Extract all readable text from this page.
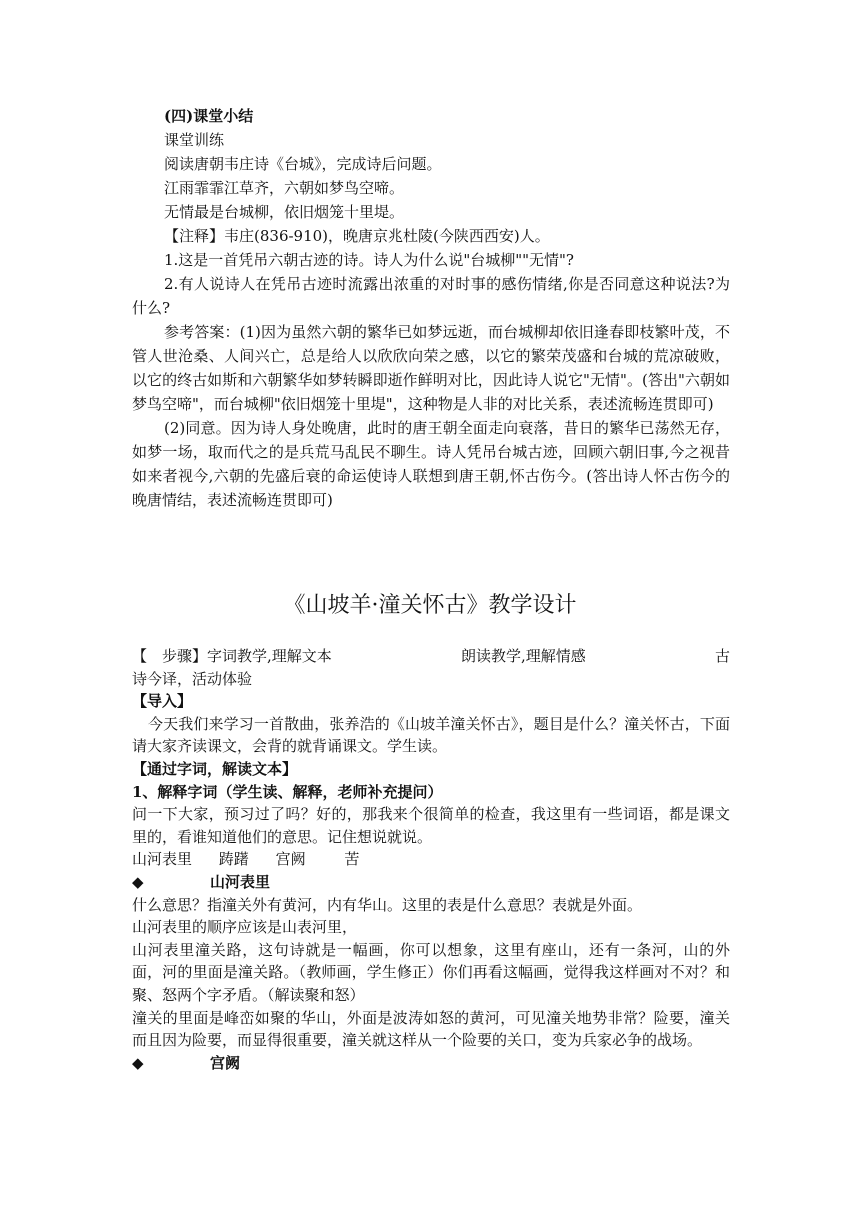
(四)课堂小结

课堂训练

阅读唐朝韦庄诗《台城》，完成诗后问题。

江雨霏霏江草齐，六朝如梦鸟空啼。

无情最是台城柳，依旧烟笼十里堤。

【注释】韦庄(836-910)，晚唐京兆杜陵(今陕西西安)人。

1.这是一首凭吊六朝古迹的诗。诗人为什么说"台城柳""无情"?

2.有人说诗人在凭吊古迹时流露出浓重的对时事的感伤情绪,你是否同意这种说法?为什么?

参考答案：(1)因为虽然六朝的繁华已如梦远逝，而台城柳却依旧逢春即枝繁叶茂，不管人世沧桑、人间兴亡，总是给人以欣欣向荣之感，以它的繁荣茂盛和台城的荒凉破败，以它的终古如斯和六朝繁华如梦转瞬即逝作鲜明对比，因此诗人说它"无情"。(答出"六朝如梦鸟空啼"，而台城柳"依旧烟笼十里堤"，这种物是人非的对比关系，表述流畅连贯即可)

(2)同意。因为诗人身处晚唐，此时的唐王朝全面走向衰落，昔日的繁华已荡然无存，如梦一场，取而代之的是兵荒马乱民不聊生。诗人凭吊台城古迹，回顾六朝旧事,今之视昔如来者视今,六朝的先盛后衰的命运使诗人联想到唐王朝,怀古伤今。(答出诗人怀古伤今的晚唐情结，表述流畅连贯即可)

《山坡羊·潼关怀古》教学设计

【　步骤】字词教学,理解文本	朗读教学,理解情感	古

诗今译，活动体验

【导入】

今天我们来学习一首散曲，张养浩的《山坡羊潼关怀古》，题目是什么？潼关怀古，下面请大家齐读课文，会背的就背诵课文。学生读。

【通过字词，解读文本】

1、解释字词（学生读、解释，老师补充提问）

问一下大家，预习过了吗？好的，那我来个很简单的检查，我这里有一些词语，都是课文里的，看谁知道他们的意思。记住想说就说。

山河表里 踌躇 宫阙	苦

◆	山河表里

什么意思？指潼关外有黄河，内有华山。这里的表是什么意思？表就是外面。

山河表里的顺序应该是山表河里，

山河表里潼关路，这句诗就是一幅画，你可以想象，这里有座山，还有一条河，山的外面，河的里面是潼关路。（教师画，学生修正）你们再看这幅画，觉得我这样画对不对？和聚、怒两个字矛盾。（解读聚和怒）

潼关的里面是峰峦如聚的华山，外面是波涛如怒的黄河，可见潼关地势非常？险要，潼关而且因为险要，而显得很重要，潼关就这样从一个险要的关口，变为兵家必争的战场。

◆	宫阙
